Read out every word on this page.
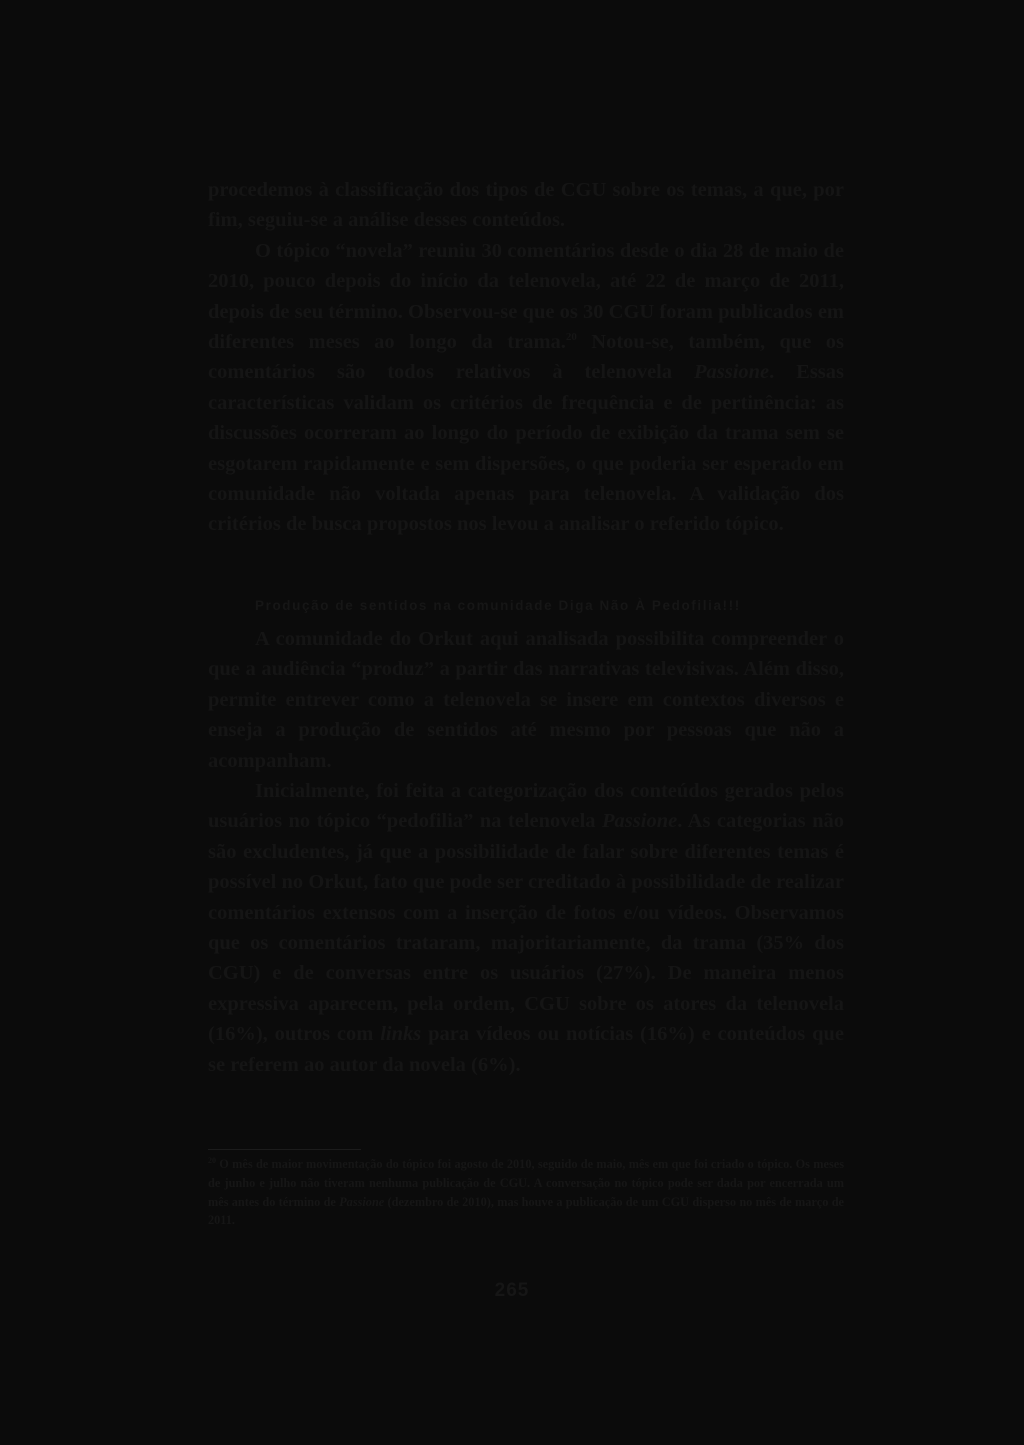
procedemos à classificação dos tipos de CGU sobre os temas, a que, por fim, seguiu-se a análise desses conteúdos.

O tópico “novela” reuniu 30 comentários desde o dia 28 de maio de 2010, pouco depois do início da telenovela, até 22 de março de 2011, depois de seu término. Observou-se que os 30 CGU foram publicados em diferentes meses ao longo da trama.$^{20}$ Notou-se, também, que os comentários são todos relativos à telenovela Passione. Essas características validam os critérios de frequência e de pertinência: as discussões ocorreram ao longo do período de exibição da trama sem se esgotarem rapidamente e sem dispersões, o que poderia ser esperado em comunidade não voltada apenas para telenovela. A validação dos critérios de busca propostos nos levou a analisar o referido tópico.

Produção de sentidos na comunidade Diga Não À Pedofilia!!!

A comunidade do Orkut aqui analisada possibilita compreender o que a audiência “produz” a partir das narrativas televisivas. Além disso, permite entrever como a telenovela se insere em contextos diversos e enseja a produção de sentidos até mesmo por pessoas que não a acompanham.

Inicialmente, foi feita a categorização dos conteúdos gerados pelos usuários no tópico “pedofilia” na telenovela Passione. As categorias não são excludentes, já que a possibilidade de falar sobre diferentes temas é possível no Orkut, fato que pode ser creditado à possibilidade de realizar comentários extensos com a inserção de fotos e/ou vídeos. Observamos que os comentários trataram, majoritariamente, da trama (35% dos CGU) e de conversas entre os usuários (27%). De maneira menos expressiva aparecem, pela ordem, CGU sobre os atores da telenovela (16%), outros com links para vídeos ou notícias (16%) e conteúdos que se referem ao autor da novela (6%).

$^{20}$ O mês de maior movimentação do tópico foi agosto de 2010, seguido de maio, mês em que foi criado o tópico. Os meses de junho e julho não tiveram nenhuma publicação de CGU. A conversação no tópico pode ser dada por encerrada um mês antes do término de Passione (dezembro de 2010), mas houve a publicação de um CGU disperso no mês de março de 2011.

265
